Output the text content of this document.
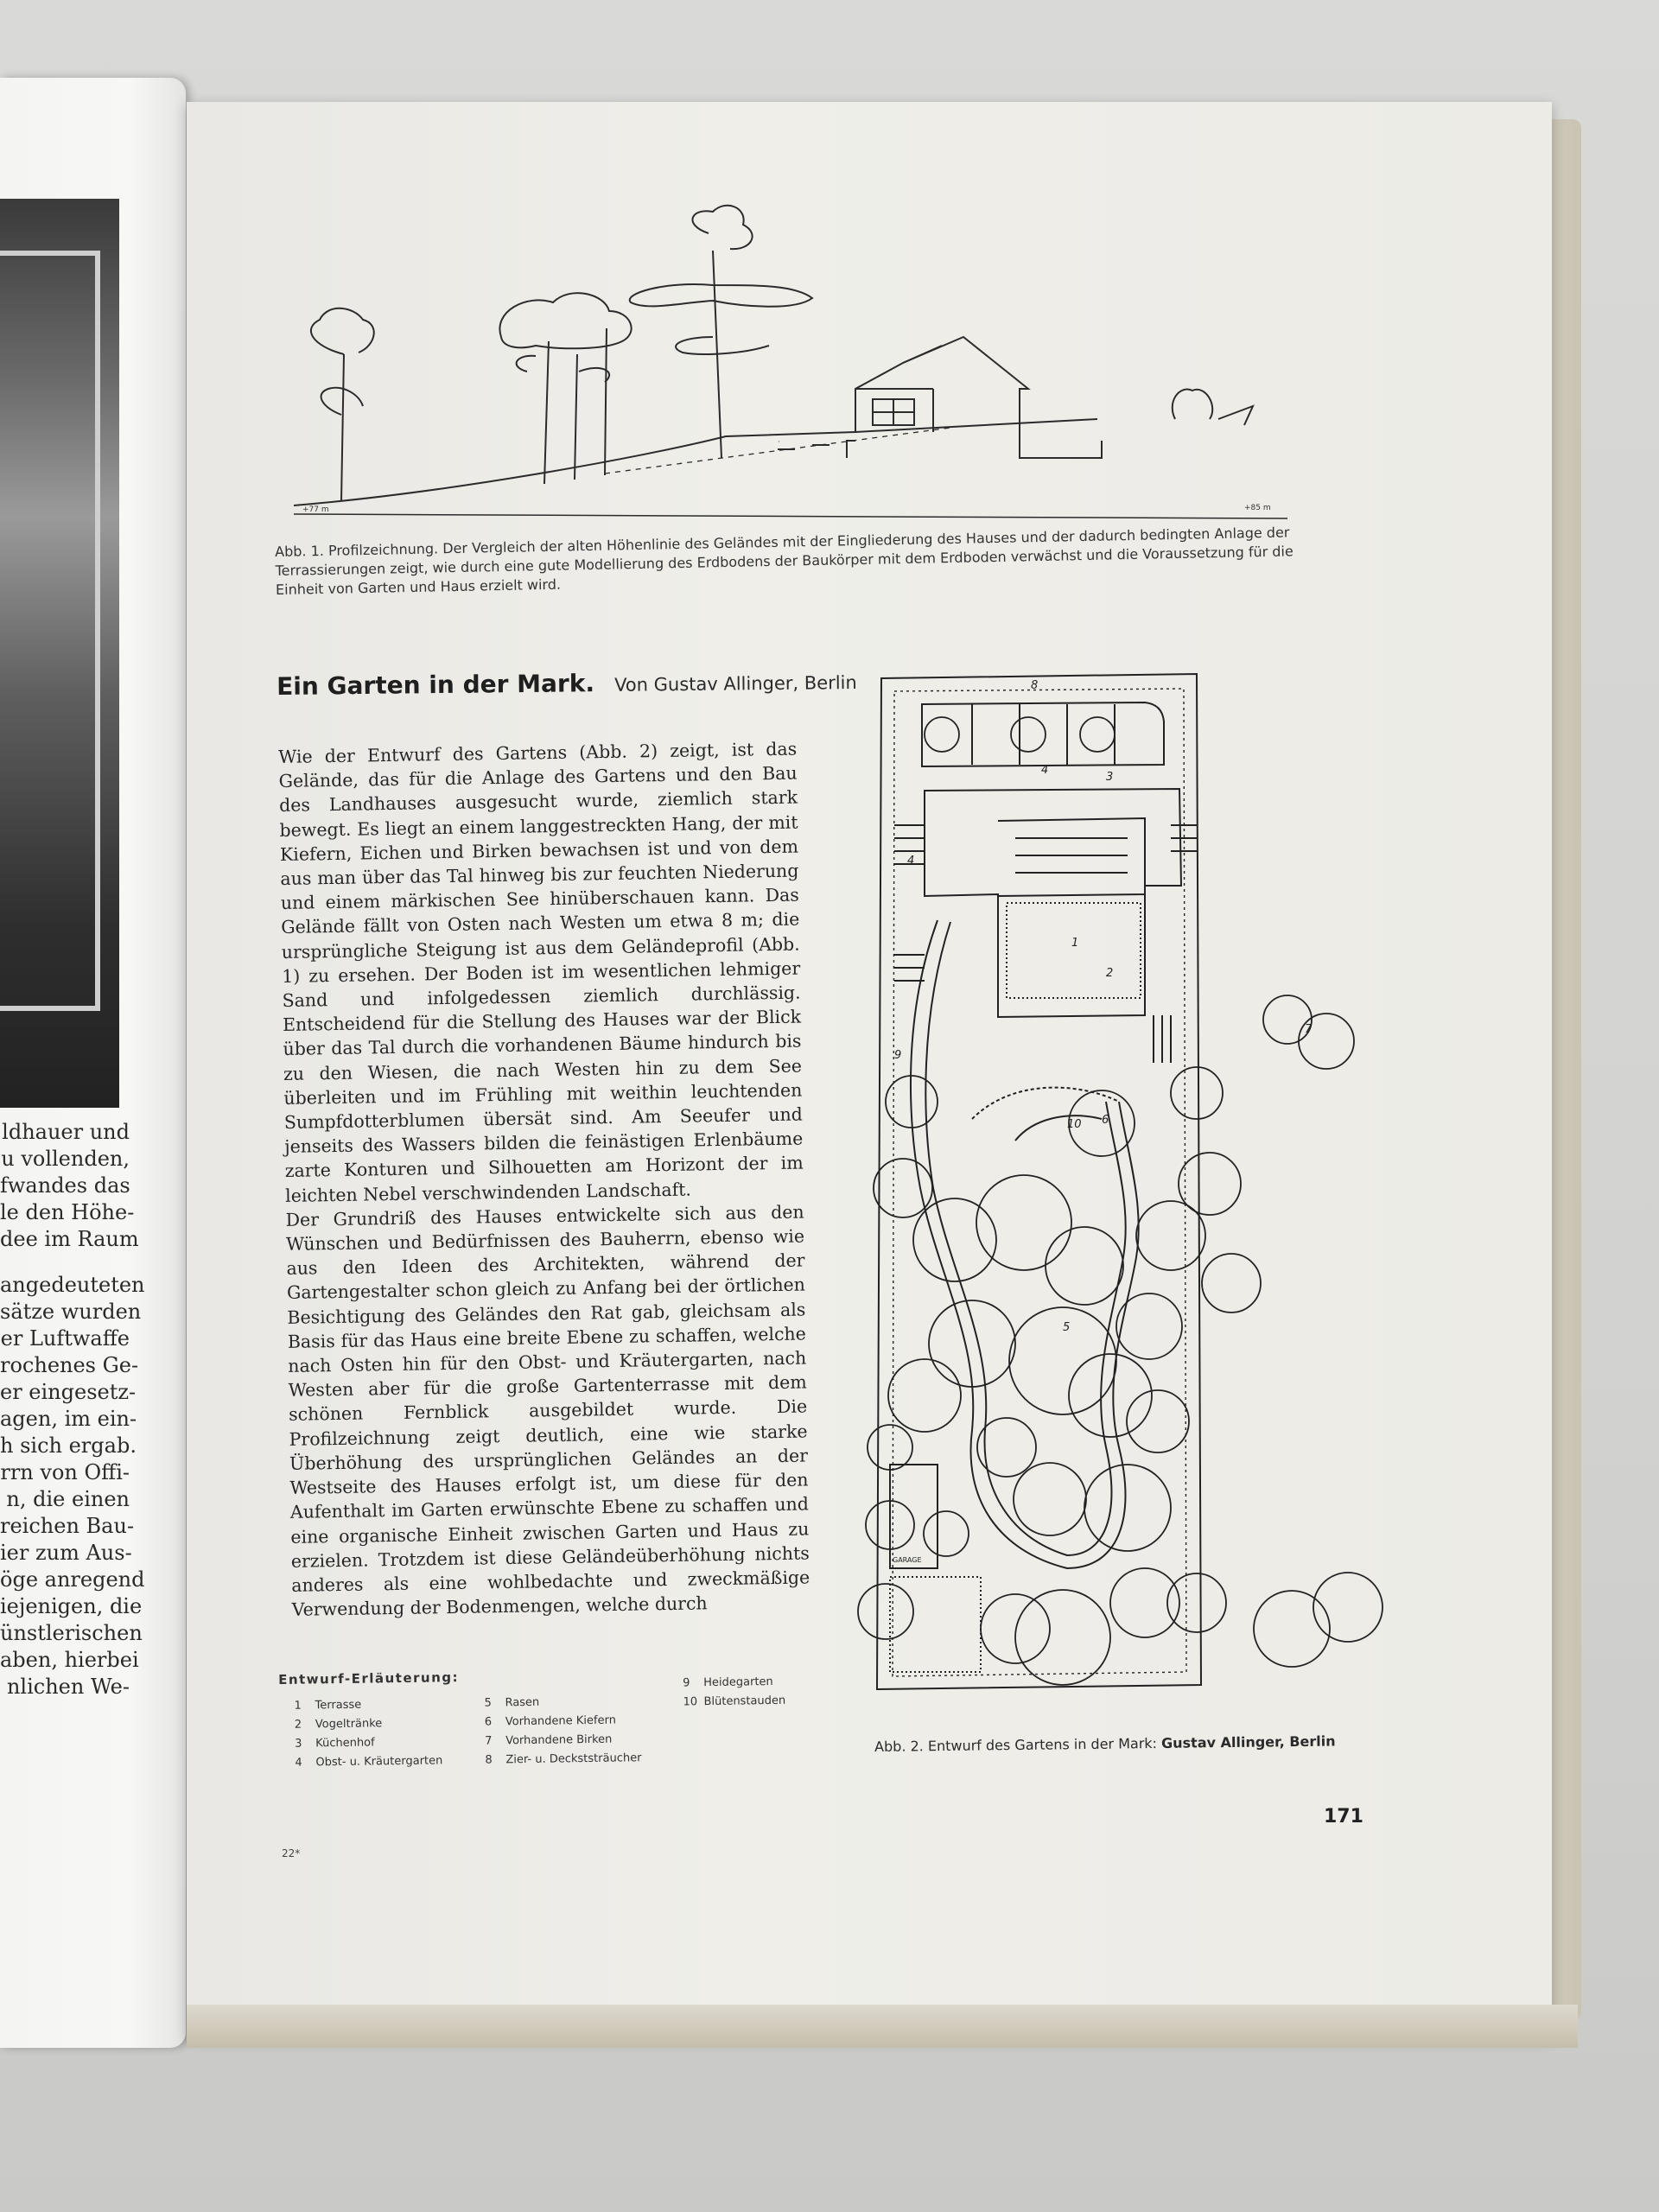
ldhauer und
u vollenden,
fwandes das
le den Höhe-
dee im Raum
angedeuteten
sätze wurden
er Luftwaffe
rochenes Ge-
er eingesetz-
agen, im ein-
h sich ergab.
rrn von Offi-
n, die einen
reichen Bau-
ier zum Aus-
öge anregend
iejenigen, die
ünstlerischen
aben, hierbei
nlichen We-
·
+85 m
+77 m
Abb. 1. Profilzeichnung. Der Vergleich der alten Höhenlinie des Geländes mit der Eingliederung des Hauses und der dadurch bedingten Anlage der Terrassierungen zeigt, wie durch eine gute Modellierung des Erdbodens der Baukörper mit dem Erdboden verwächst und die Voraussetzung für die Einheit von Garten und Haus erzielt wird.
Ein Garten in der Mark. Von Gustav Allinger, Berlin

Wie der Entwurf des Gartens (Abb. 2) zeigt, ist das Gelände, das für die Anlage des Gartens und den Bau des Landhauses ausgesucht wurde, ziemlich stark bewegt. Es liegt an einem langgestreckten Hang, der mit Kiefern, Eichen und Birken bewachsen ist und von dem aus man über das Tal hinweg bis zur feuchten Niederung und einem märkischen See hinüberschauen kann. Das Gelände fällt von Osten nach Westen um etwa 8 m; die ursprüngliche Steigung ist aus dem Geländeprofil (Abb. 1) zu ersehen. Der Boden ist im wesentlichen lehmiger Sand und infolgedessen ziemlich durchlässig. Entscheidend für die Stellung des Hauses war der Blick über das Tal durch die vorhandenen Bäume hindurch bis zu den Wiesen, die nach Westen hin zu dem See überleiten und im Frühling mit weithin leuchtenden Sumpfdotterblumen übersät sind. Am Seeufer und jenseits des Wassers bilden die feinästigen Erlenbäume zarte Konturen und Silhouetten am Horizont der im leichten Nebel verschwindenden Landschaft.

Der Grundriß des Hauses entwickelte sich aus den Wünschen und Bedürfnissen des Bauherrn, ebenso wie aus den Ideen des Architekten, während der Gartengestalter schon gleich zu Anfang bei der örtlichen Besichtigung des Geländes den Rat gab, gleichsam als Basis für das Haus eine breite Ebene zu schaffen, welche nach Osten hin für den Obst- und Kräutergarten, nach Westen aber für die große Gartenterrasse mit dem schönen Fernblick ausgebildet wurde. Die Profilzeichnung zeigt deutlich, eine wie starke Überhöhung des ursprünglichen Geländes an der Westseite des Hauses erfolgt ist, um diese für den Aufenthalt im Garten erwünschte Ebene zu schaffen und eine organische Einheit zwischen Garten und Haus zu erzielen. Trotzdem ist diese Geländeüberhöhung nichts anderes als eine wohlbedachte und zweckmäßige Verwendung der Bodenmengen, welche durch

Entwurf-Erläuterung:
1 Terrasse
2 Vogeltränke
3 Küchenhof
4 Obst- u. Kräutergarten
5 Rasen
6 Vorhandene Kiefern
7 Vorhandene Birken
8 Zier- u. Deckststräucher
9 Heidegarten
10 Blütenstauden
8
4
3
1
2
10
5
6
7
9
4
GARAGE
Abb. 2. Entwurf des Gartens in der Mark: Gustav Allinger, Berlin
171
22*
